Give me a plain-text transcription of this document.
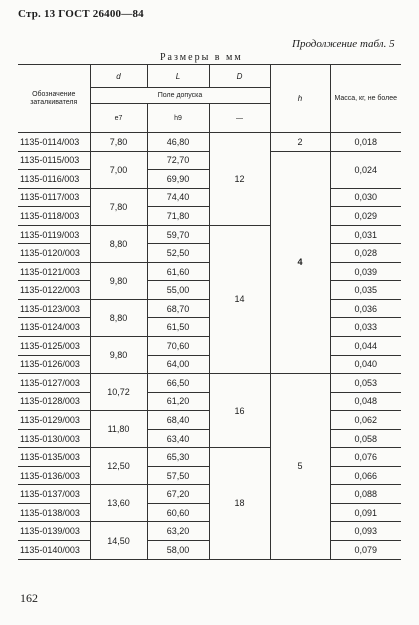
Стр. 13 ГОСТ 26400—84
Продолжение табл. 5
Размеры в мм
Обозначение заталкивателя	d	L	D	h	Масса, кг, не более
	Поле допуска				
	е7	h9	—		
1135-0114/003	7,80	46,80	12	2	0,018
1135-0115/003	7,00	72,70		4	0,024
1135-0116/003		69,90			
1135-0117/003	7,80	74,40			0,030
1135-0118/003		71,80			0,029
1135-0119/003	8,80	59,70	14		0,031
1135-0120/003		52,50			0,028
1135-0121/003	9,80	61,60			0,039
1135-0122/003		55,00			0,035
1135-0123/003	8,80	68,70			0,036
1135-0124/003		61,50			0,033
1135-0125/003	9,80	70,60			0,044
1135-0126/003		64,00			0,040
1135-0127/003	10,72	66,50	16	5	0,053
1135-0128/003		61,20			0,048
1135-0129/003	11,80	68,40			0,062
1135-0130/003		63,40			0,058
1135-0135/003	12,50	65,30	18		0,076
1135-0136/003		57,50			0,066
1135-0137/003	13,60	67,20			0,088
1135-0138/003		60,60			0,091
1135-0139/003	14,50	63,20			0,093
1135-0140/003		58,00			0,079
162
